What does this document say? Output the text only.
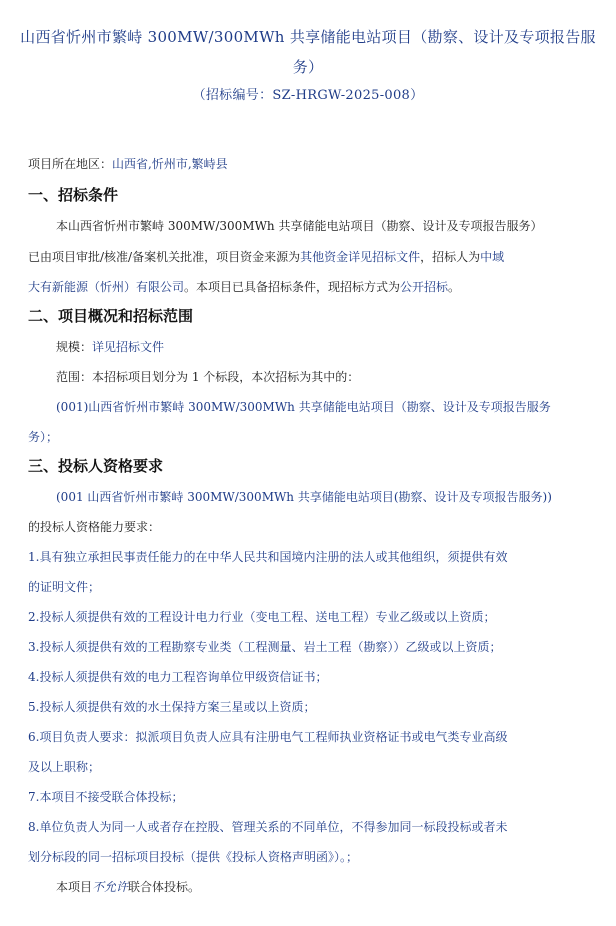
山西省忻州市繁峙 300MW/300MWh 共享储能电站项目（勘察、设计及专项报告服
务）
（招标编号：SZ-HRGW-2025-008）
项目所在地区：山西省,忻州市,繁峙县
一、招标条件
本山西省忻州市繁峙 300MW/300MWh 共享储能电站项目（勘察、设计及专项报告服务）
已由项目审批/核准/备案机关批准，项目资金来源为其他资金详见招标文件，招标人为中域
大有新能源（忻州）有限公司。本项目已具备招标条件，现招标方式为公开招标。
二、项目概况和招标范围
规模：详见招标文件
范围：本招标项目划分为 1 个标段，本次招标为其中的：
(001)山西省忻州市繁峙 300MW/300MWh 共享储能电站项目（勘察、设计及专项报告服务
务）；
三、投标人资格要求
(001 山西省忻州市繁峙 300MW/300MWh 共享储能电站项目(勘察、设计及专项报告服务))
的投标人资格能力要求：
1.具有独立承担民事责任能力的在中华人民共和国境内注册的法人或其他组织，须提供有效
的证明文件；
2.投标人须提供有效的工程设计电力行业（变电工程、送电工程）专业乙级或以上资质；
3.投标人须提供有效的工程勘察专业类（工程测量、岩土工程（勘察））乙级或以上资质；
4.投标人须提供有效的电力工程咨询单位甲级资信证书；
5.投标人须提供有效的水土保持方案三星或以上资质；
6.项目负责人要求：拟派项目负责人应具有注册电气工程师执业资格证书或电气类专业高级
及以上职称；
7.本项目不接受联合体投标；
8.单位负责人为同一人或者存在控股、管理关系的不同单位，不得参加同一标段投标或者未
划分标段的同一招标项目投标（提供《投标人资格声明函》）。；
本项目不允许联合体投标。
